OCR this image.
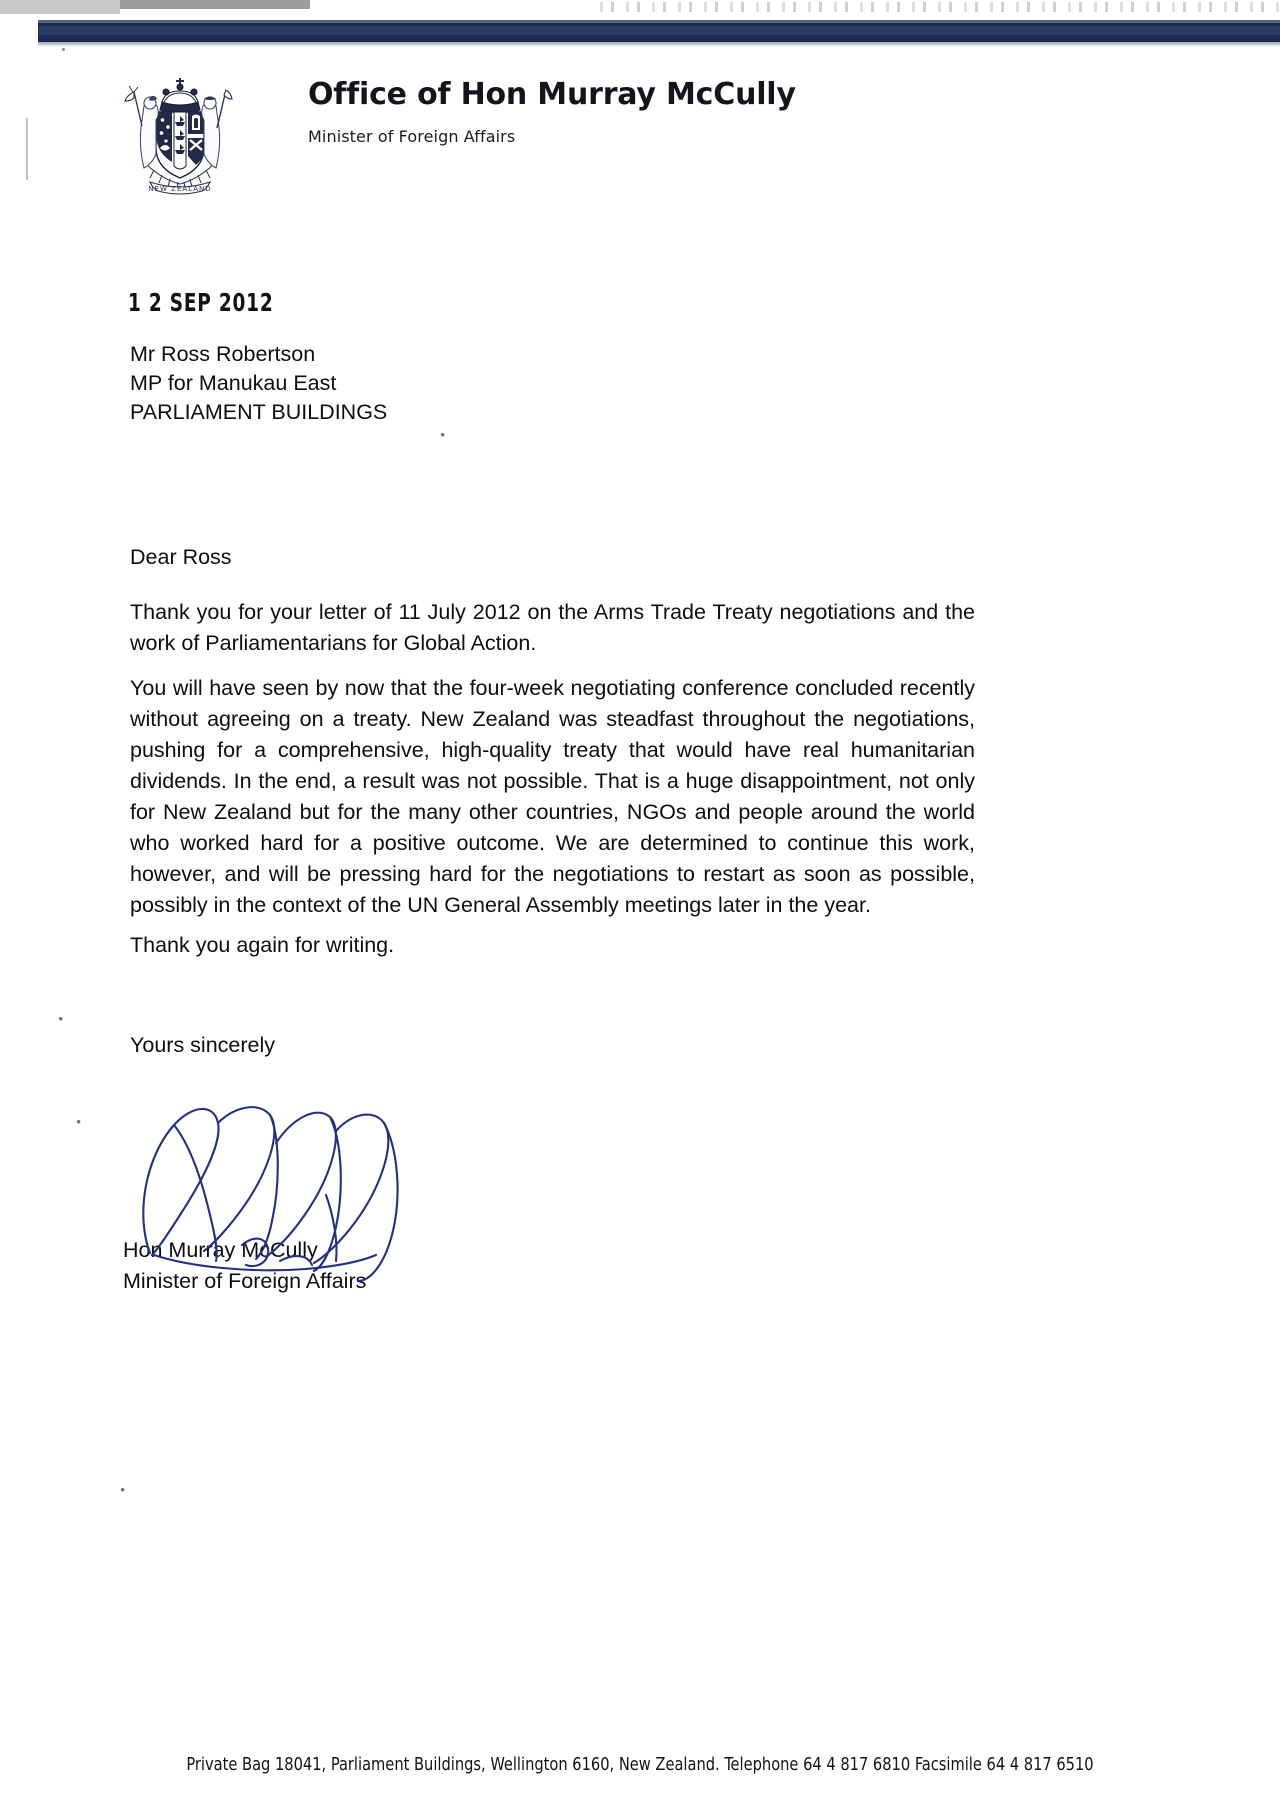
•
•
•
•
NEW ZEALAND
Office of Hon Murray McCully
Minister of Foreign Affairs
1 2 SEP 2012
Mr Ross Robertson
MP for Manukau East
PARLIAMENT BUILDINGS
Dear Ross
Thank you for your letter of 11 July 2012 on the Arms Trade Treaty negotiations and the work of Parliamentarians for Global Action.
You will have seen by now that the four-week negotiating conference concluded recently without agreeing on a treaty. New Zealand was steadfast throughout the negotiations, pushing for a comprehensive, high-quality treaty that would have real humanitarian dividends. In the end, a result was not possible. That is a huge disappointment, not only for New Zealand but for the many other countries, NGOs and people around the world who worked hard for a positive outcome. We are determined to continue this work, however, and will be pressing hard for the negotiations to restart as soon as possible, possibly in the context of the UN General Assembly meetings later in the year.
Thank you again for writing.
Yours sincerely
Hon Murray McCully
Minister of Foreign Affairs
Private Bag 18041, Parliament Buildings, Wellington 6160, New Zealand. Telephone 64 4 817 6810 Facsimile 64 4 817 6510
